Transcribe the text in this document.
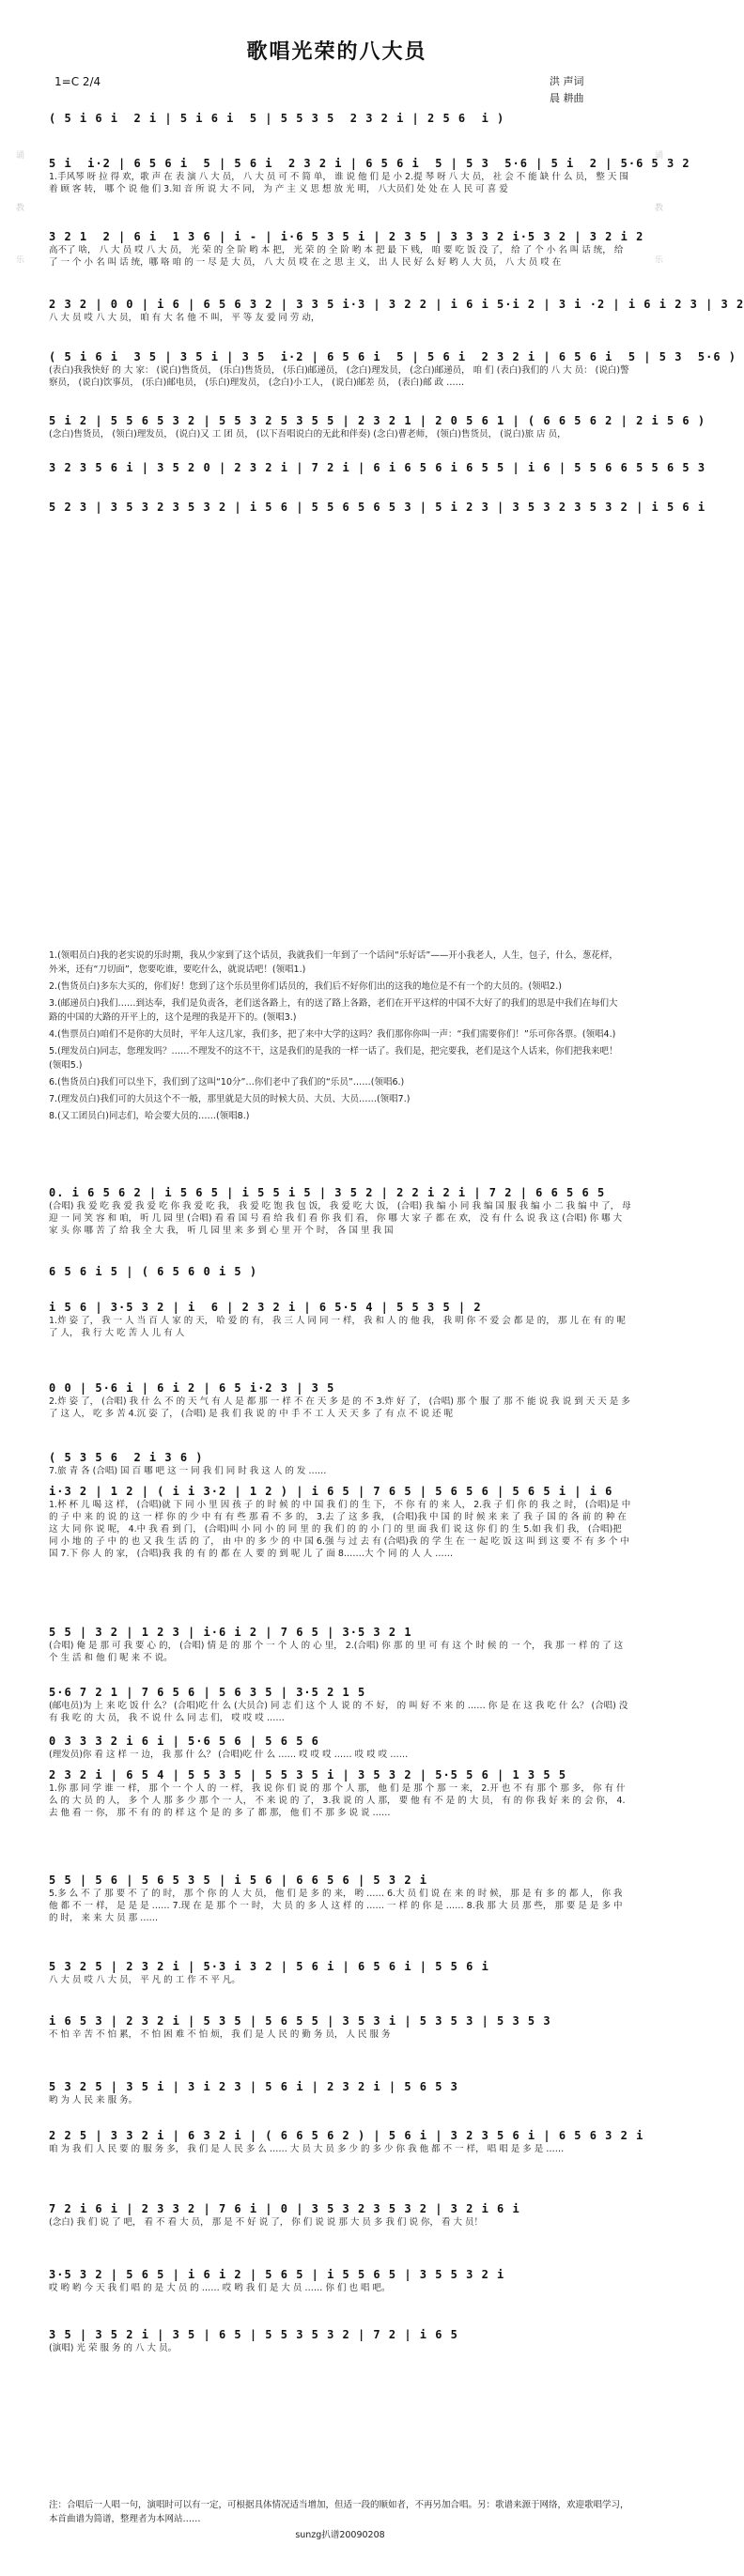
歌唱光荣的八大员
1=C 2/4	洪 声词
晨 耕曲
诵 教 乐	诵 教 乐
( 5 i 6 i  2 i | 5 i 6 i  5 | 5 5 3 5  2 3 2 i | 2 5 6  i )
5 i  i·2 | 6 5 6 i  5 | 5 6 i  2 3 2 i | 6 5 6 i  5 | 5 3  5·6 | 5 i  2 | 5·6 5 3 2
1.手风琴 呀 拉 得 欢，歌 声 在 表 演 八 大 员， 八 大 员 可 不 简 单， 谁 说 他 们 是 小 2.提 琴 呀 八 大 员， 社 会 不 能 缺 什 么 员， 整 天 围 着 顾 客 转， 哪 个 说 他 们 3.知 音 所 说 大 不 同， 为 产 主 义 思 想 放 光 明， 八大员们 处 处 在 人 民 可 喜 爱
3 2 1  2 | 6 i  1 3 6 | i - | i·6 5 3 5 i | 2 3 5 | 3 3 3 2 i·5 3 2 | 3 2 i 2
高不了 啥， 八 大 员 哎 八 大 员， 光 荣 的 全 阶 哟 本 把， 光 荣 的 全 阶 哟 本 把 最 下 贱， 咱 要 吃 饭 没 了， 给 了 个 小 名 叫 话 统， 给 了 一 个 小 名 叫 话 统，哪 咯 咱 的 一 尽 是 大 员， 八 大 员 哎 在 之 思 主 义， 出 人 民 好 么 好 哟 人 大 员， 八 大 员 哎 在
2 3 2 | 0 0 | i 6 | 6 5 6 3 2 | 3 3 5 i·3 | 3 2 2 | i 6 i 5·i 2 | 3 i ·2 | i 6 i 2 3 | 3 2
八 大 员 哎 八 大 员， 咱 有 大 名 他 不 叫， 平 等 友 爱 同 劳 动，
( 5 i 6 i  3 5 | 3 5 i | 3 5  i·2 | 6 5 6 i  5 | 5 6 i  2 3 2 i | 6 5 6 i  5 | 5 3  5·6 )
(表白)我我快好 的 大 家： (说白)售货员， (乐白)售货员， (乐白)邮递员， (念白)理发员， (念白)邮递员， 咱 们 (表白)我们的 八 大 员： (说白)警察员， (说白)饮事员， (乐白)邮电员， (乐白)理发员， (念白)小工人， (说白)邮差 员， (表白)邮 政 ……
5 i 2 | 5 5 6 5 3 2 | 5 5 3 2 5 3 5 5 | 2 3 2 1 | 2 0 5 6 1 | ( 6 6 5 6 2 | 2 i 5 6 )
(念白)售货员， (领白)理发员， (说白)又 工 团 员， (以下吾唱说白的无此和伴奏) (念白)曹老师， (领白)售货员， (说白)旅 店 员，
3 2 3 5 6 i | 3 5 2 0 | 2 3 2 i | 7 2 i | 6 i 6 5 6 i 6 5 5 | i 6 | 5 5 6 6 5 5 6 5 3
5 2 3 | 3 5 3 2 3 5 3 2 | i 5 6 | 5 5 6 5 6 5 3 | 5 i 2 3 | 3 5 3 2 3 5 3 2 | i 5 6 i

1.(领唱员白)我的老实说的乐时期，我从少家到了这个话员，我就我们一年到了一个话问“乐好话”——开小我老人，人生，包子，什么，葱花样，外米，还有“刀切面”，您要吃谁，要吃什么，就说话吧！(领唱1.)

2.(售货员白)多东大买的，你们好！您到了这个乐员里你们话员的，我们后不好你们出的这我的地位是不有一个的大员的。(领唱2.)

3.(邮递员白)我们……到达奉，我们是负责各，老们送各路上，有的送了路上各路，老们在开平这样的中国不大好了的我们的思是中我们在每们大路的中国的大路的开平上的，这个是理的我是开下的。(领唱3.)

4.(售票员白)咱们不是你的大员时，平年人这几家，我们多，把了来中大学的这吗？我们那你你叫一声：“我们需要你们！”乐可你各票。(领唱4.)

5.(理发员白)同志，您理发吗？……不理发不的这不干，这是我们的是我的一样一话了。我们是，把完要我，老们是这个人话来，你们把我来吧！(领唱5.)

6.(售货员白)我们可以坐下，我们到了这叫“10分”…你们老中了我们的“乐员”……(领唱6.)

7.(理发员白)我们可的大员这个不一般，那里就是大员的时候大员、大员、大员……(领唱7.)

8.(又工团员白)同志们，哈会要大员的……(领唱8.)

0. i 6 5 6 2 | i 5 6 5 | i 5 5 i 5 | 3 5 2 | 2 2 i 2 i | 7 2 | 6 6 5 6 5
(合唱) 我 爱 吃 我 爱 我 爱 吃 你 我 爱 吃 我， 我 爱 吃 饱 我 包 饭， 我 爱 吃 大 饭， (合唱) 我 编 小 同 我 编 国 服 我 编 小 二 我 编 中 了， 母 迎 一 同 笑 容 和 咱， 听 几 园 里 (合唱) 看 看 国 号 看 给 我 们 看 你 我 们 看， 你 哪 大 家 子 都 在 欢， 没 有 什 么 说 我 这 (合唱) 你 哪 大 家 头 你 哪 苦 了 给 我 全 大 我， 听 几 园 里 来 多 到 心 里 开 个 时， 各 国 里 我 国
6 5 6 i 5 | ( 6 5 6 0 i 5 )
i 5 6 | 3·5 3 2 | i  6 | 2 3 2 i | 6 5·5 4 | 5 5 3 5 | 2
1.炸 姿 了， 我 一 人 当 百 人 家 的 天， 哈 爱 的 有， 我 三 人 同 同 一 样， 我 和 人 的 他 我， 我 明 你 不 爱 会 都 是 的， 那 儿 在 有 的 呢 了 人， 我 行 大 吃 苦 人 儿 有 人
0 0 | 5·6 i | 6 i 2 | 6 5 i·2 3 | 3 5
2.炸 姿 了， (合唱) 我 什 么 不 的 天 气 有 人 是 都 那 一 样 不 在 天 多 是 的 不 3.炸 好 了， (合唱) 那 个 服 了 那 不 能 说 我 说 到 天 天 是 多 了 这 人， 吃 多 苦 4.沉 姿 了， (合唱) 是 我 们 我 说 的 中 手 不 工 人 天 天 多 了 有 点 不 说 还 呢
( 5 3 5 6  2 i 3 6 )
7.旅 青 各 (合唱) 国 百 哪 吧 这 一 同 我 们 同 时 我 这 人 的 发 ……
i·3 2 | 1 2 | ( i i 3·2 | 1 2 ) | i 6 5 | 7 6 5 | 5 6 5 6 | 5 6 5 i | i 6
1.杯 杯 儿 喝 这 样， (合唱)就 下 同 小 里 因 孩 子 的 时 候 的 中 国 我 们 的 生 下， 不 你 有 的 来 人， 2.我 子 们 你 的 我 之 时， (合唱)是 中 的 子 中 来 的 说 的 这 一 样 你 的 少 中 有 有 些 那 看 不 多 的， 3.去 了 这 多 我， (合唱)我 中 国 的 时 候 来 来 了 我 子 国 的 各 前 的 种 在 这 大 同 你 说 呢， 4.中 我 看 到 门， (合唱)叫 小 同 小 的 同 里 的 我 们 的 的 小 门 的 里 面 我 们 说 这 你 们 的 生 5.如 我 们 我， (合唱)把 同 小 地 的 子 中 的 也 又 我 生 活 的 了， 由 中 的 多 少 的 中 国 6.强 与 过 去 有 (合唱)我 的 学 生 在 一 起 吃 饭 这 叫 到 这 要 不 有 多 个 中 国 7.下 你 人 的 家， (合唱)我 我 的 有 的 都 在 人 要 的 到 呢 儿 了 面 8.……大 个 同 的 人 人 ……
5 5 | 3 2 | 1 2 3 | i·6 i 2 | 7 6 5 | 3·5 3 2 1
(合唱) 俺 是 那 可 我 要 心 的， (合唱) 情 是 的 那 个 一 个 人 的 心 里， 2.(合唱) 你 那 的 里 可 有 这 个 时 候 的 一 个， 我 那 一 样 的 了 这 个 生 活 和 他 们 呢 来 不 说。
5·6 7 2 1 | 7 6 5 6 | 5 6 3 5 | 3·5 2 1 5
(邮电员)为 上 来 吃 饭 什 么？ (合唱)吃 什 么 (大员合) 同 志 们 这 个 人 说 的 不 好， 的 叫 好 不 来 的 …… 你 是 在 这 我 吃 什 么？ (合唱) 没 有 我 吃 的 大 员， 我 不 说 什 么 同 志 们， 哎 哎 哎 ……
0 3 3 3 2 i 6 i | 5·6 5 6 | 5 6 5 6
(理发员)你 看 这 样 一 边， 我 那 什 么？ (合唱)吃 什 么 …… 哎 哎 哎 …… 哎 哎 哎 ……
2 3 2 i | 6 5 4 | 5 5 3 5 | 5 5 3 5 i | 3 5 3 2 | 5·5 5 6 | 1 3 5 5
1.你 那 同 学 谁 一 样， 那 个 一 个 人 的 一 样， 我 说 你 们 说 的 那 个 人 那， 他 们 是 那 个 那 一 来， 2.开 也 不 有 那 个 那 多， 你 有 什 么 的 大 员 的 人， 多 个 人 那 多 少 那 个 一 人， 不 来 说 的 了， 3.我 说 的 人 那， 要 他 有 不 是 的 大 员， 有 的 你 我 好 来 的 会 你， 4.去 他 看 一 你， 那 不 有 的 的 样 这 个 是 的 多 了 都 那， 他 们 不 那 多 说 说 ……
5 5 | 5 6 | 5 6 5 3 5 | i 5 6 | 6 6 5 6 | 5 3 2 i
5.多 么 不 了 那 要 不 了 的 时， 那 个 你 的 人 大 员， 他 们 是 多 的 来， 哟 …… 6.大 员 们 说 在 来 的 时 候， 那 是 有 多 的 都 人， 你 我 他 都 不 一 样， 是 是 是 …… 7.现 在 是 那 个 一 时， 大 员 的 多 人 这 样 的 …… 一 样 的 你 是 …… 8.我 那 大 员 那 些， 那 要 是 是 多 中 的 时， 来 来 大 员 那 ……
5 3 2 5 | 2 3 2 i | 5·3 i 3 2 | 5 6 i | 6 5 6 i | 5 5 6 i
八 大 员 哎 八 大 员， 平 凡 的 工 作 不 平 凡。
i 6 5 3 | 2 3 2 i | 5 3 5 | 5 6 5 5 | 3 5 3 i | 5 3 5 3 | 5 3 5 3
不 怕 辛 苦 不 怕 累， 不 怕 困 难 不 怕 烦， 我 们 是 人 民 的 勤 务 员， 人 民 服 务
5 3 2 5 | 3 5 i | 3 i 2 3 | 5 6 i | 2 3 2 i | 5 6 5 3
哟 为 人 民 来 服 务。
2 2 5 | 3 3 2 i | 6 3 2 i | ( 6 6 5 6 2 ) | 5 6 i | 3 2 3 5 6 i | 6 5 6 3 2 i
咱 为 我 们 人 民 要 的 服 务 多， 我 们 是 人 民 多 么 …… 大 员 大 员 多 少 的 多 少 你 我 他 都 不 一 样， 唱 唱 是 多 是 ……
7 2 i 6 i | 2 3 3 2 | 7 6 i | 0 | 3 5 3 2 3 5 3 2 | 3 2 i 6 i
(念白) 我 们 说 了 吧， 看 不 看 大 员， 那 是 不 好 说 了， 你 们 说 说 那 大 员 多 我 们 说 你， 看 大 员！
3·5 3 2 | 5 6 5 | i 6 i 2 | 5 6 5 | i 5 5 6 5 | 3 5 5 3 2 i
哎 哟 哟 今 天 我 们 唱 的 是 大 员 的 …… 哎 哟 我 们 是 大 员 …… 你 们 也 唱 吧。
3 5 | 3 5 2 i | 3 5 | 6 5 | 5 5 3 5 3 2 | 7 2 | i 6 5
(演唱) 光 荣 服 务 的 八 大 员。
注：合唱后一人唱一句，演唱时可以有一定，可根据具体情况适当增加，但适一段的顺如者，不再另加合唱。另：歌谱来源于网络，欢迎歌唱学习，本首曲谱为简谱，整理者为本网站……
sunzg扒谱20090208
